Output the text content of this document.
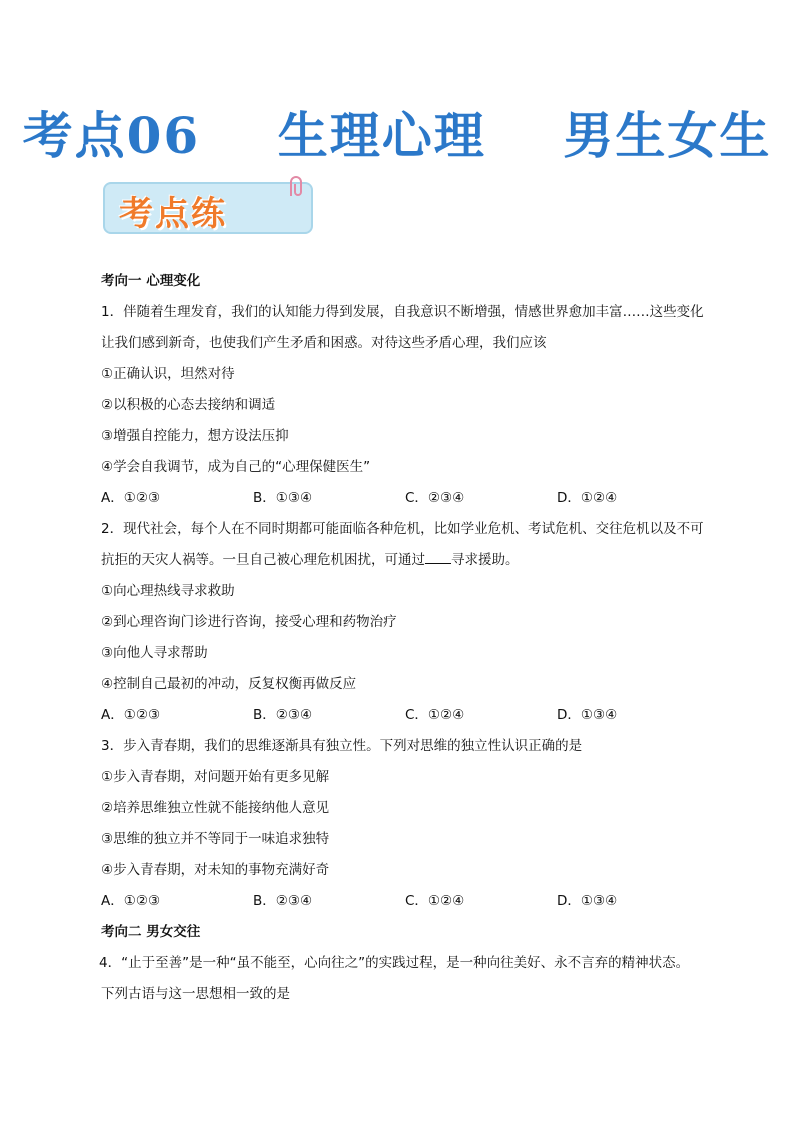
考点06    生理心理    男生女生
考点练
考向一 心理变化
1．伴随着生理发育，我们的认知能力得到发展，自我意识不断增强，情感世界愈加丰富……这些变化
让我们感到新奇，也使我们产生矛盾和困惑。对待这些矛盾心理，我们应该
①正确认识，坦然对待
②以积极的心态去接纳和调适
③增强自控能力，想方设法压抑
④学会自我调节，成为自己的“心理保健医生”
A．①②③	B．①③④	C．②③④	D．①②④
2．现代社会，每个人在不同时期都可能面临各种危机，比如学业危机、考试危机、交往危机以及不可
抗拒的天灾人祸等。一旦自己被心理危机困扰，可通过 寻求援助。
①向心理热线寻求救助
②到心理咨询门诊进行咨询，接受心理和药物治疗
③向他人寻求帮助
④控制自己最初的冲动，反复权衡再做反应
A．①②③	B．②③④	C．①②④	D．①③④
3．步入青春期，我们的思维逐渐具有独立性。下列对思维的独立性认识正确的是
①步入青春期，对问题开始有更多见解
②培养思维独立性就不能接纳他人意见
③思维的独立并不等同于一味追求独特
④步入青春期，对未知的事物充满好奇
A．①②③	B．②③④	C．①②④	D．①③④
考向二 男女交往
4．“止于至善”是一种“虽不能至，心向往之”的实践过程，是一种向往美好、永不言弃的精神状态。
下列古语与这一思想相一致的是
